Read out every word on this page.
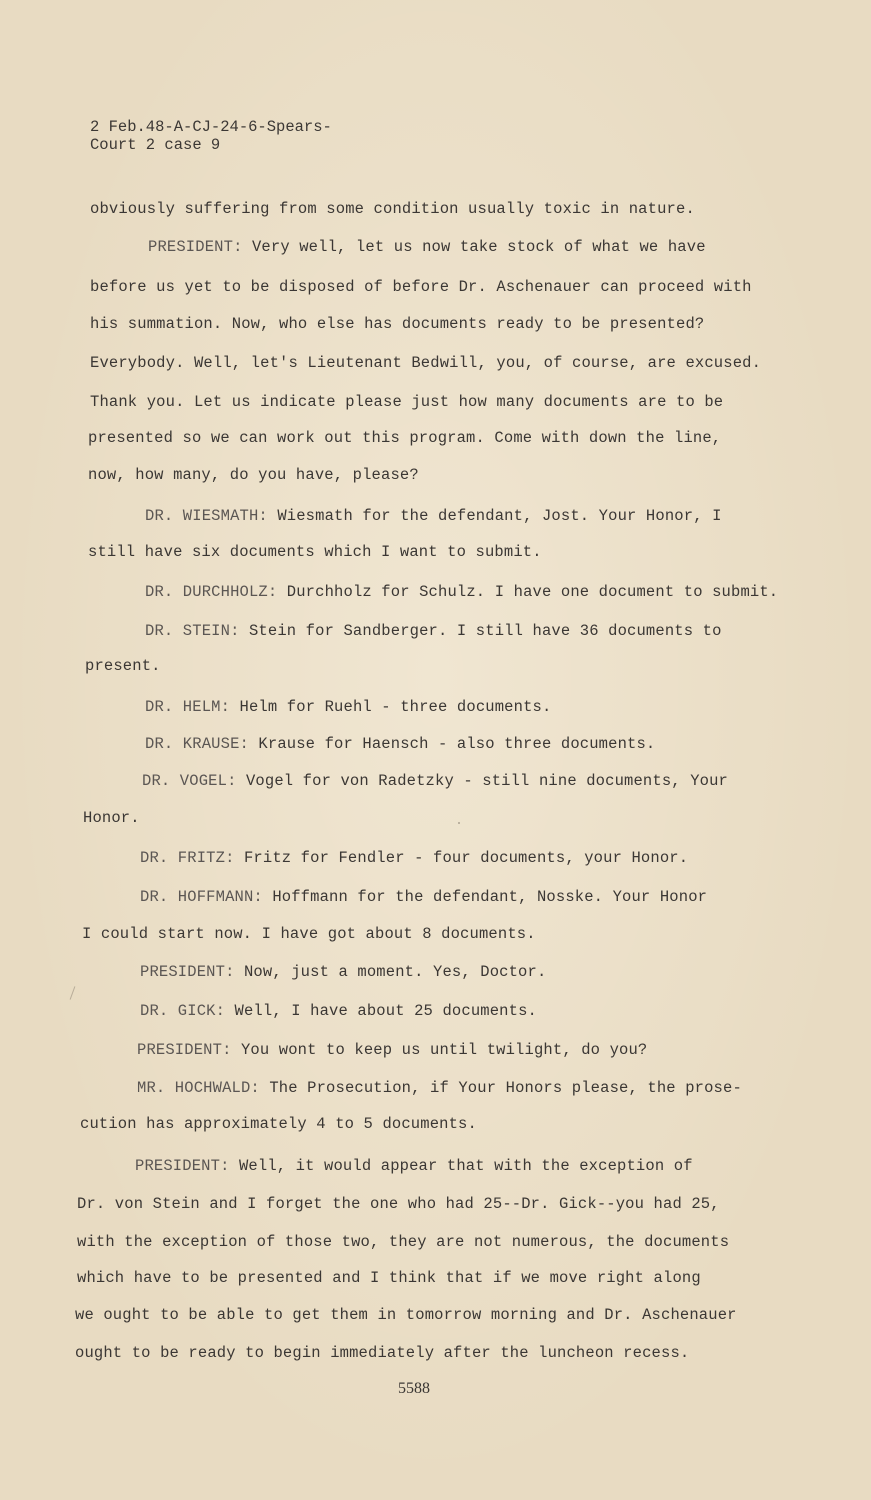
2 Feb.48-A-CJ-24-6-Spears-
Court 2 case 9
obviously suffering from some condition usually toxic in nature.
PRESIDENT: Very well, let us now take stock of what we have
before us yet to be disposed of before Dr. Aschenauer can proceed with
his summation. Now, who else has documents ready to be presented?
Everybody. Well, let's Lieutenant Bedwill, you, of course, are excused.
Thank you. Let us indicate please just how many documents are to be
presented so we can work out this program. Come with down the line,
now, how many, do you have, please?
DR. WIESMATH: Wiesmath for the defendant, Jost. Your Honor, I
still have six documents which I want to submit.
DR. DURCHHOLZ: Durchholz for Schulz. I have one document to submit.
DR. STEIN: Stein for Sandberger. I still have 36 documents to
present.
DR. HELM: Helm for Ruehl - three documents.
DR. KRAUSE: Krause for Haensch - also three documents.
DR. VOGEL: Vogel for von Radetzky - still nine documents, Your
Honor.
DR. FRITZ: Fritz for Fendler - four documents, your Honor.
DR. HOFFMANN: Hoffmann for the defendant, Nosske. Your Honor
I could start now. I have got about 8 documents.
PRESIDENT: Now, just a moment. Yes, Doctor.
DR. GICK: Well, I have about 25 documents.
PRESIDENT: You wont to keep us until twilight, do you?
MR. HOCHWALD: The Prosecution, if Your Honors please, the prose-
cution has approximately 4 to 5 documents.
PRESIDENT: Well, it would appear that with the exception of
Dr. von Stein and I forget the one who had 25--Dr. Gick--you had 25,
with the exception of those two, they are not numerous, the documents
which have to be presented and I think that if we move right along
we ought to be able to get them in tomorrow morning and Dr. Aschenauer
ought to be ready to begin immediately after the luncheon recess.
5588
